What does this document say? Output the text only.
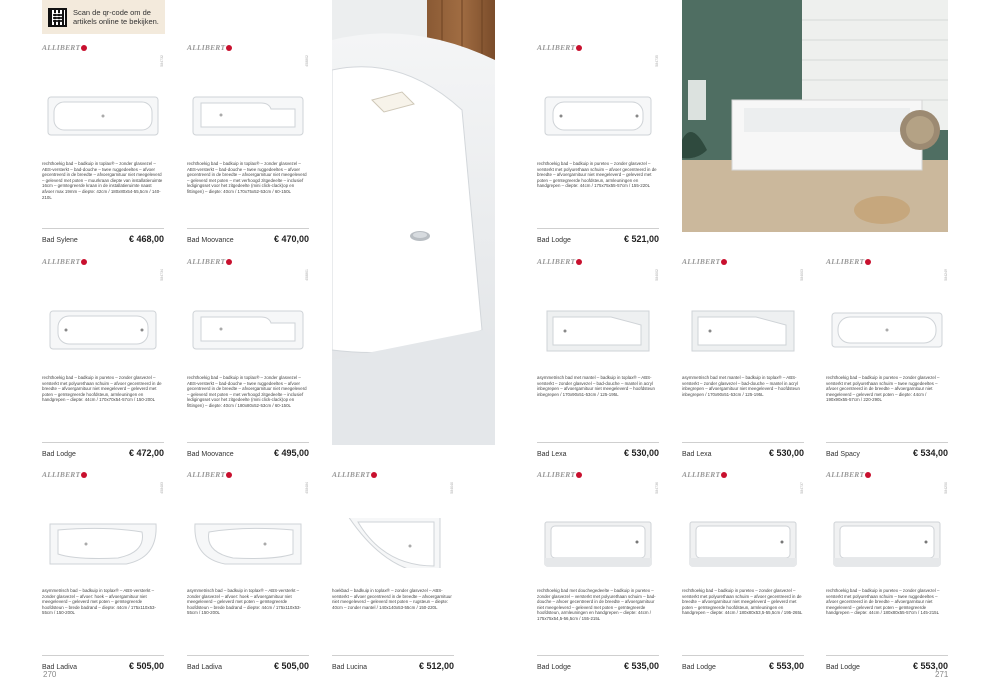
Scan de qr-code om de
artikels online te bekijken.
ALLIBERT
584732
rechthoekig bad – badkuip in toplax® – zonder glasvezel – ABS-versterkt – bad-douche – twee ruggedeeltes – afvoer gecentreerd in de breedte – afvoergarnituur niet meegeleverd – geleverd met poten – muurkraan diepte van installatieruimte 16cm – geïntegreerde kraan in de installatieruimte naast afvoer max 19mm – diepte: 42cm / 180x80x54-55,5cm / 140-210L
Bad Sylene	€ 468,00
ALLIBERT
458802
rechthoekig bad – badkuip in toplax® – zonder glasvezel – ABS-versterkt – bad-douche – twee ruggedeeltes – afvoer gecentreerd in de breedte – afvoergarnituur niet meegeleverd – geleverd met poten – met verhoogd zitgedeelte – inclusief ledigingsset voor het zitgedeelte (mini click-clack)op en fittingen) – diepte: 40cm / 170x75x52-53cm / 60-150L
Bad Moovance	€ 470,00
ALLIBERT
584735
rechthoekig bad – badkuip in puretex – zonder glasvezel – versterkt met polyurethaan schuim – afvoer gecentreerd in de breedte – afvoergarnituur niet meegeleverd – geleverd met poten – geïntegreerde hoofdsteun, armleuningen en handgrepen – diepte: 44cm / 175x75x55-57cm / 155-220L
Bad Lodge	€ 521,00
ALLIBERT
584734
rechthoekig bad – badkuip in puretex – zonder glasvezel – versterkt met polyurethaan schuim – afvoer gecentreerd in de breedte – afvoergarnituur niet meegeleverd – geleverd met poten – geïntegreerde hoofdsteun, armleuningen en handgrepen – diepte: 44cm / 170x70x54-57cm / 150-200L
Bad Lodge	€ 472,00
ALLIBERT
458801
rechthoekig bad – badkuip in toplax® – zonder glasvezel – ABS-versterkt – bad-douche – twee ruggedeeltes – afvoer gecentreerd in de breedte – afvoergarnituur niet meegeleverd – geleverd met poten – met verhoogd zitgedeelte – inclusief ledigingsset voor het zitgedeelte (mini click-clack)op en fittingen) – diepte: 40cm / 180x80x52-53cm / 60-150L
Bad Moovance	€ 495,00
ALLIBERT
584002
asymmetrisch bad met mantel – badkuip in toplax® – ABS-versterkt – zonder glasvezel – bad-douche – mantel in acryl inbegrepen – afvoergarnituur niet meegeleverd – hoofdsteun inbegrepen / 170x90x51-53cm / 125-195L
Bad Lexa	€ 530,00
ALLIBERT
584003
asymmetrisch bad met mantel – badkuip in toplax® – ABS-versterkt – zonder glasvezel – bad-douche – mantel in acryl inbegrepen – afvoergarnituur niet meegeleverd – hoofdsteun inbegrepen / 170x90x51-53cm / 125-195L
Bad Lexa	€ 530,00
ALLIBERT
584249
rechthoekig bad – badkuip in puretex – zonder glasvezel – versterkt met polyurethaan schuim – twee ruggedeeltes – afvoer gecentreerd in de breedte – afvoergarnituur niet meegeleverd – geleverd met poten – diepte: 44cm / 190x90x55-57cm / 220-290L
Bad Spacy	€ 534,00
ALLIBERT
458483
asymmetrisch bad – badkuip in toplax® – ABS-versterkt – zonder glasvezel – afvoer: hoek – afvoergarnituur niet meegeleverd – geleverd met poten – geïntegreerde hoofdsteun – brede badrand – diepte: 44cm / 175x110x53-55cm / 150-200L
Bad Ladiva	€ 505,00
ALLIBERT
458484
asymmetrisch bad – badkuip in toplax® – ABS-versterkt – zonder glasvezel – afvoer: hoek – afvoergarnituur niet meegeleverd – geleverd met poten – geïntegreerde hoofdsteun – brede badrand – diepte: 44cm / 175x110x53-55cm / 150-200L
Bad Ladiva	€ 505,00
ALLIBERT
584040
hoekbad – badkuip in toplax® – zonder glasvezel – ABS-versterkt – afvoer gecentreerd in de breedte – afvoergarnituur niet meegeleverd – geleverd met poten – rugsteun – diepte: 40cm – zonder mantel / 140x140x53-55cm / 150-220L
Bad Lucina	€ 512,00
ALLIBERT
584736
rechthoekig bad met douchegedeelte – badkuip in puretex – zonder glasvezel – versterkt met polyurethaan schuim – bad-douche – afvoer gecentreerd in de breedte – afvoergarnituur niet meegeleverd – geleverd met poten – geïntegreerde hoofdsteun, armleuningen en handgrepen – diepte: 44cm / 175x75x54,5-56,5cm / 155-215L
Bad Lodge	€ 535,00
ALLIBERT
584737
rechthoekig bad – badkuip in puretex – zonder glasvezel – versterkt met polyurethaan schuim – afvoer gecentreerd in de breedte – afvoergarnituur niet meegeleverd – geleverd met poten – geïntegreerde hoofdsteun, armleuningen en handgrepen – diepte: 44cm / 180x80x53,5-55,5cm / 195-265L
Bad Lodge	€ 553,00
ALLIBERT
584250
rechthoekig bad – badkuip in puretex – zonder glasvezel – versterkt met polyurethaan schuim – twee ruggedeeltes – afvoer gecentreerd in de breedte – afvoergarnituur niet meegeleverd – geleverd met poten – geïntegreerde handgrepen – diepte: 44cm / 180x80x55-57cm / 145-215L
Bad Lodge	€ 553,00
270	271
